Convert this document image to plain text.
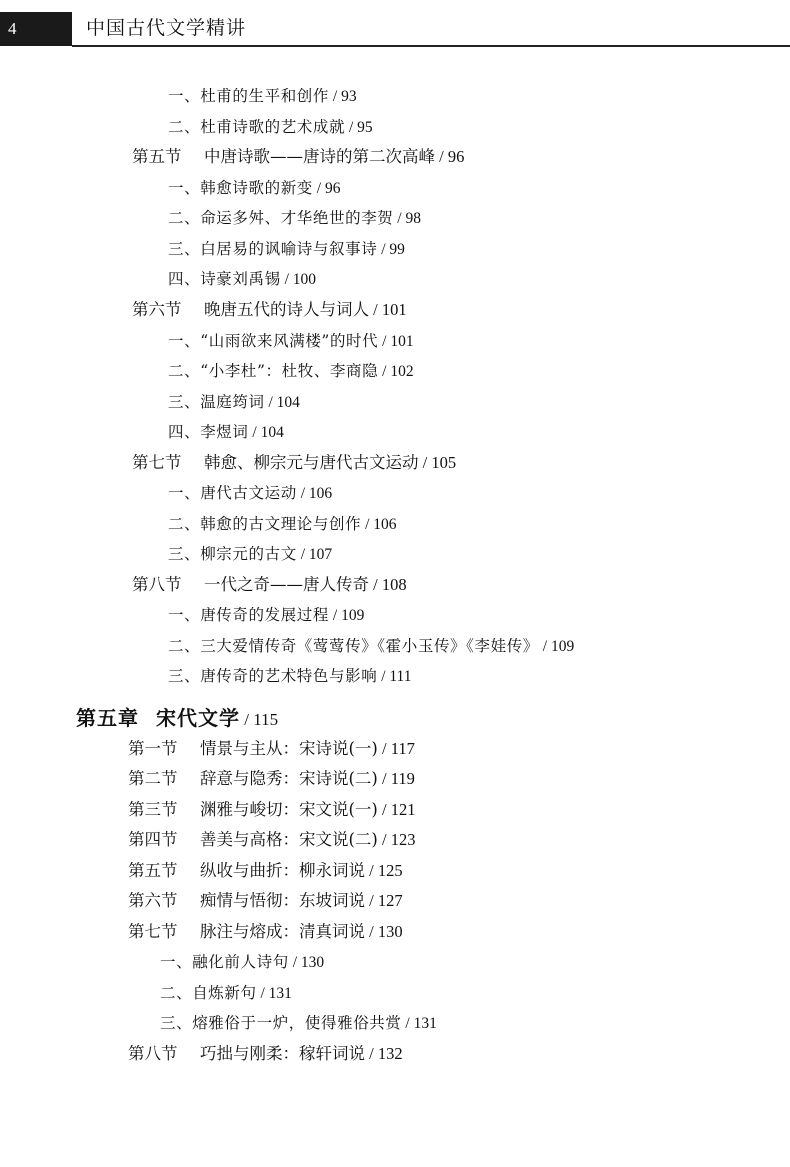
4	中国古代文学精讲
一、杜甫的生平和创作 / 93
二、杜甫诗歌的艺术成就 / 95
第五节 中唐诗歌——唐诗的第二次高峰 / 96
一、韩愈诗歌的新变 / 96
二、命运多舛、才华绝世的李贺 / 98
三、白居易的讽喻诗与叙事诗 / 99
四、诗豪刘禹锡 / 100
第六节 晚唐五代的诗人与词人 / 101
一、“山雨欲来风满楼”的时代 / 101
二、“小李杜”：杜牧、李商隐 / 102
三、温庭筠词 / 104
四、李煜词 / 104
第七节 韩愈、柳宗元与唐代古文运动 / 105
一、唐代古文运动 / 106
二、韩愈的古文理论与创作 / 106
三、柳宗元的古文 / 107
第八节 一代之奇——唐人传奇 / 108
一、唐传奇的发展过程 / 109
二、三大爱情传奇《莺莺传》《霍小玉传》《李娃传》 / 109
三、唐传奇的艺术特色与影响 / 111
第五章 宋代文学 / 115
第一节 情景与主从：宋诗说(一) / 117
第二节 辞意与隐秀：宋诗说(二) / 119
第三节 渊雅与峻切：宋文说(一) / 121
第四节 善美与高格：宋文说(二) / 123
第五节 纵收与曲折：柳永词说 / 125
第六节 痴情与悟彻：东坡词说 / 127
第七节 脉注与熔成：清真词说 / 130
一、融化前人诗句 / 130
二、自炼新句 / 131
三、熔雅俗于一炉，使得雅俗共赏 / 131
第八节 巧拙与刚柔：稼轩词说 / 132
